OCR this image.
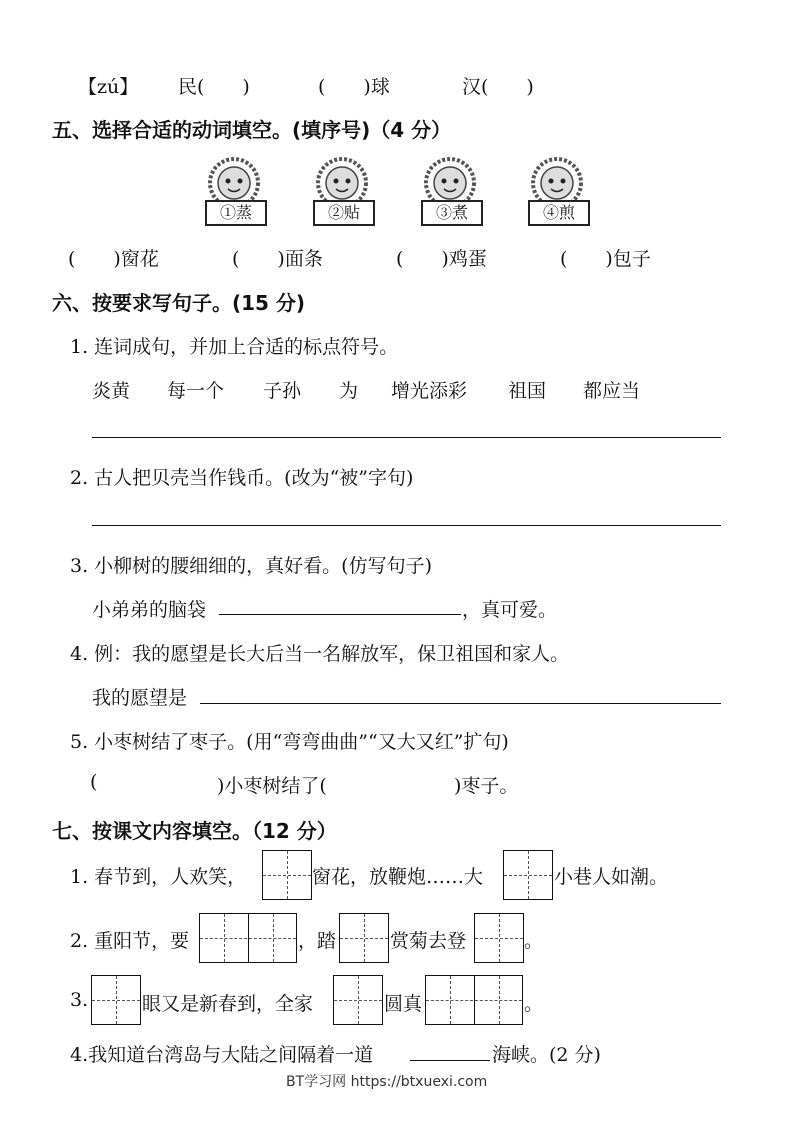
【zú】 民(　　)	(　　)球	汉(　　)
五、选择合适的动词填空。(填序号)（4 分）
①蒸	②贴	③煮	④煎
(　　)窗花	(　　)面条	(　　)鸡蛋	(　　)包子
六、按要求写句子。(15 分)
1. 连词成句，并加上合适的标点符号。
炎黄 每一个 子孙 为 增光添彩 祖国 都应当
2. 古人把贝壳当作钱币。(改为“被”字句)
3. 小柳树的腰细细的，真好看。(仿写句子)
小弟弟的脑袋	，真可爱。
4. 例：我的愿望是长大后当一名解放军，保卫祖国和家人。
我的愿望是
5. 小枣树结了枣子。(用“弯弯曲曲”“又大又红”扩句)
(	)小枣树结了(	)枣子。
七、按课文内容填空。（12 分）
1. 春节到，人欢笑，	窗花，放鞭炮……大	小巷人如潮。
2. 重阳节，要	，踏	赏菊去登	。
3.	眼又是新春到，全家	圆真	。
4.我知道台湾岛与大陆之间隔着一道	海峡。(2 分)
BT学习网 https://btxuexi.com
